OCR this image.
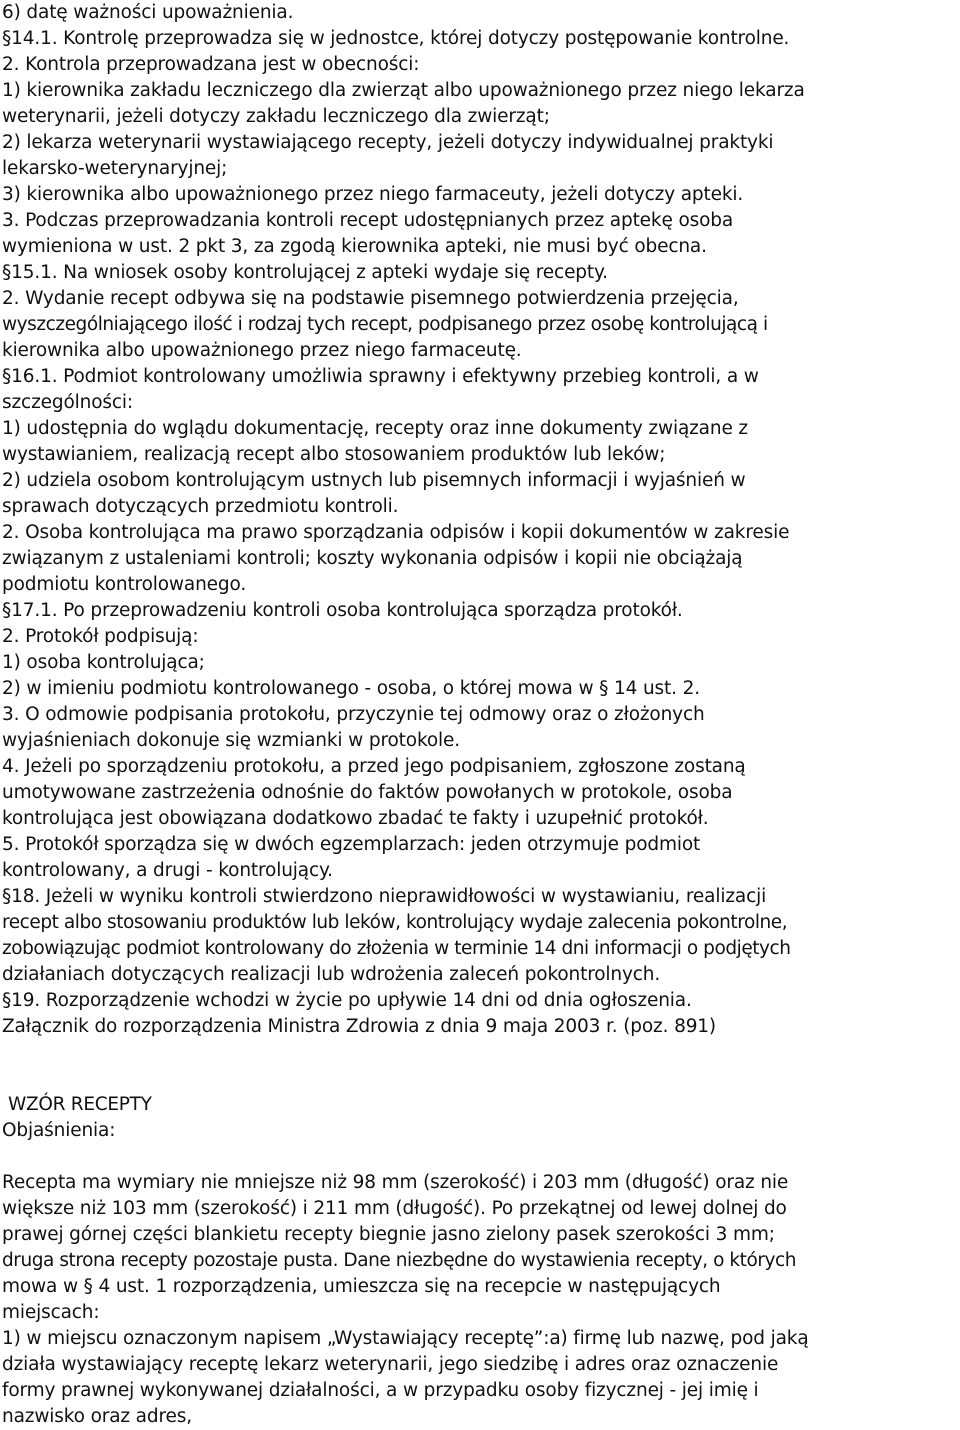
6) datę ważności upoważnienia.
§14.1. Kontrolę przeprowadza się w jednostce, której dotyczy postępowanie kontrolne.
2. Kontrola przeprowadzana jest w obecności:
1) kierownika zakładu leczniczego dla zwierząt albo upoważnionego przez niego lekarza
weterynarii, jeżeli dotyczy zakładu leczniczego dla zwierząt;
2) lekarza weterynarii wystawiającego recepty, jeżeli dotyczy indywidualnej praktyki
lekarsko-weterynaryjnej;
3) kierownika albo upoważnionego przez niego farmaceuty, jeżeli dotyczy apteki.
3. Podczas przeprowadzania kontroli recept udostępnianych przez aptekę osoba
wymieniona w ust. 2 pkt 3, za zgodą kierownika apteki, nie musi być obecna.
§15.1. Na wniosek osoby kontrolującej z apteki wydaje się recepty.
2. Wydanie recept odbywa się na podstawie pisemnego potwierdzenia przejęcia,
wyszczególniającego ilość i rodzaj tych recept, podpisanego przez osobę kontrolującą i
kierownika albo upoważnionego przez niego farmaceutę.
§16.1. Podmiot kontrolowany umożliwia sprawny i efektywny przebieg kontroli, a w
szczególności:
1) udostępnia do wglądu dokumentację, recepty oraz inne dokumenty związane z
wystawianiem, realizacją recept albo stosowaniem produktów lub leków;
2) udziela osobom kontrolującym ustnych lub pisemnych informacji i wyjaśnień w
sprawach dotyczących przedmiotu kontroli.
2. Osoba kontrolująca ma prawo sporządzania odpisów i kopii dokumentów w zakresie
związanym z ustaleniami kontroli; koszty wykonania odpisów i kopii nie obciążają
podmiotu kontrolowanego.
§17.1. Po przeprowadzeniu kontroli osoba kontrolująca sporządza protokół.
2. Protokół podpisują:
1) osoba kontrolująca;
2) w imieniu podmiotu kontrolowanego - osoba, o której mowa w § 14 ust. 2.
3. O odmowie podpisania protokołu, przyczynie tej odmowy oraz o złożonych
wyjaśnieniach dokonuje się wzmianki w protokole.
4. Jeżeli po sporządzeniu protokołu, a przed jego podpisaniem, zgłoszone zostaną
umotywowane zastrzeżenia odnośnie do faktów powołanych w protokole, osoba
kontrolująca jest obowiązana dodatkowo zbadać te fakty i uzupełnić protokół.
5. Protokół sporządza się w dwóch egzemplarzach: jeden otrzymuje podmiot
kontrolowany, a drugi - kontrolujący.
§18. Jeżeli w wyniku kontroli stwierdzono nieprawidłowości w wystawianiu, realizacji
recept albo stosowaniu produktów lub leków, kontrolujący wydaje zalecenia pokontrolne,
zobowiązując podmiot kontrolowany do złożenia w terminie 14 dni informacji o podjętych
działaniach dotyczących realizacji lub wdrożenia zaleceń pokontrolnych.
§19. Rozporządzenie wchodzi w życie po upływie 14 dni od dnia ogłoszenia.
Załącznik do rozporządzenia Ministra Zdrowia z dnia 9 maja 2003 r. (poz. 891)
WZÓR RECEPTY
Objaśnienia:
Recepta ma wymiary nie mniejsze niż 98 mm (szerokość) i 203 mm (długość) oraz nie
większe niż 103 mm (szerokość) i 211 mm (długość). Po przekątnej od lewej dolnej do
prawej górnej części blankietu recepty biegnie jasno zielony pasek szerokości 3 mm;
druga strona recepty pozostaje pusta. Dane niezbędne do wystawienia recepty, o których
mowa w § 4 ust. 1 rozporządzenia, umieszcza się na recepcie w następujących
miejscach:
1) w miejscu oznaczonym napisem „Wystawiający receptę”:a) firmę lub nazwę, pod jaką
działa wystawiający receptę lekarz weterynarii, jego siedzibę i adres oraz oznaczenie
formy prawnej wykonywanej działalności, a w przypadku osoby fizycznej - jej imię i
nazwisko oraz adres,
